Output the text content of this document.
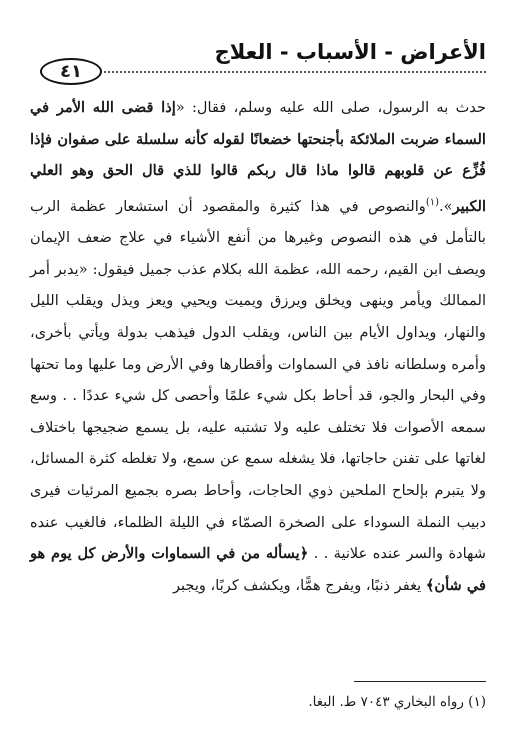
الأعراض - الأسباب - العلاج
٤١

حدث به الرسول، صلى الله عليه وسلم، فقال: «إذا قضى الله الأمر في السماء ضربت الملائكة بأجنحتها خضعانًا لقوله كأنه سلسلة على صفوان فإذا فُزِّع عن قلوبهم قالوا ماذا قال ربكم قالوا للذي قال الحق وهو العلي الكبير».$^{(١)}$والنصوص في هذا كثيرة والمقصود أن استشعار عظمة الرب بالتأمل في هذه النصوص وغيرها من أنفع الأشياء في علاج ضعف الإيمان ويصف ابن القيم، رحمه الله، عظمة الله بكلام عذب جميل فيقول: «يدبر أمر الممالك ويأمر وينهى ويخلق ويرزق ويميت ويحيي ويعز ويذل ويقلب الليل والنهار، ويداول الأيام بين الناس، ويقلب الدول فيذهب بدولة ويأتي بأخرى، وأمره وسلطانه نافذ في السماوات وأقطارها وفي الأرض وما عليها وما تحتها وفي البحار والجو، قد أحاط بكل شيء علمًا وأحصى كل شيء عددًا . . وسع سمعه الأصوات فلا تختلف عليه ولا تشتبه عليه، بل يسمع ضجيجها باختلاف لغاتها على تفنن حاجاتها، فلا يشغله سمع عن سمع، ولا تغلطه كثرة المسائل، ولا يتبرم بإلحاح الملحين ذوي الحاجات، وأحاط بصره بجميع المرئيات فيرى دبيب النملة السوداء على الصخرة الصمّاء في الليلة الظلماء، فالغيب عنده شهادة والسر عنده علانية . . ﴿يسأله من في السماوات والأرض كل يوم هو في شأن﴾ يغفر ذنبًا، ويفرج همًّا، ويكشف كربًا، ويجبر

(١) رواه البخاري ٧٠٤٣ ط. البغا.
